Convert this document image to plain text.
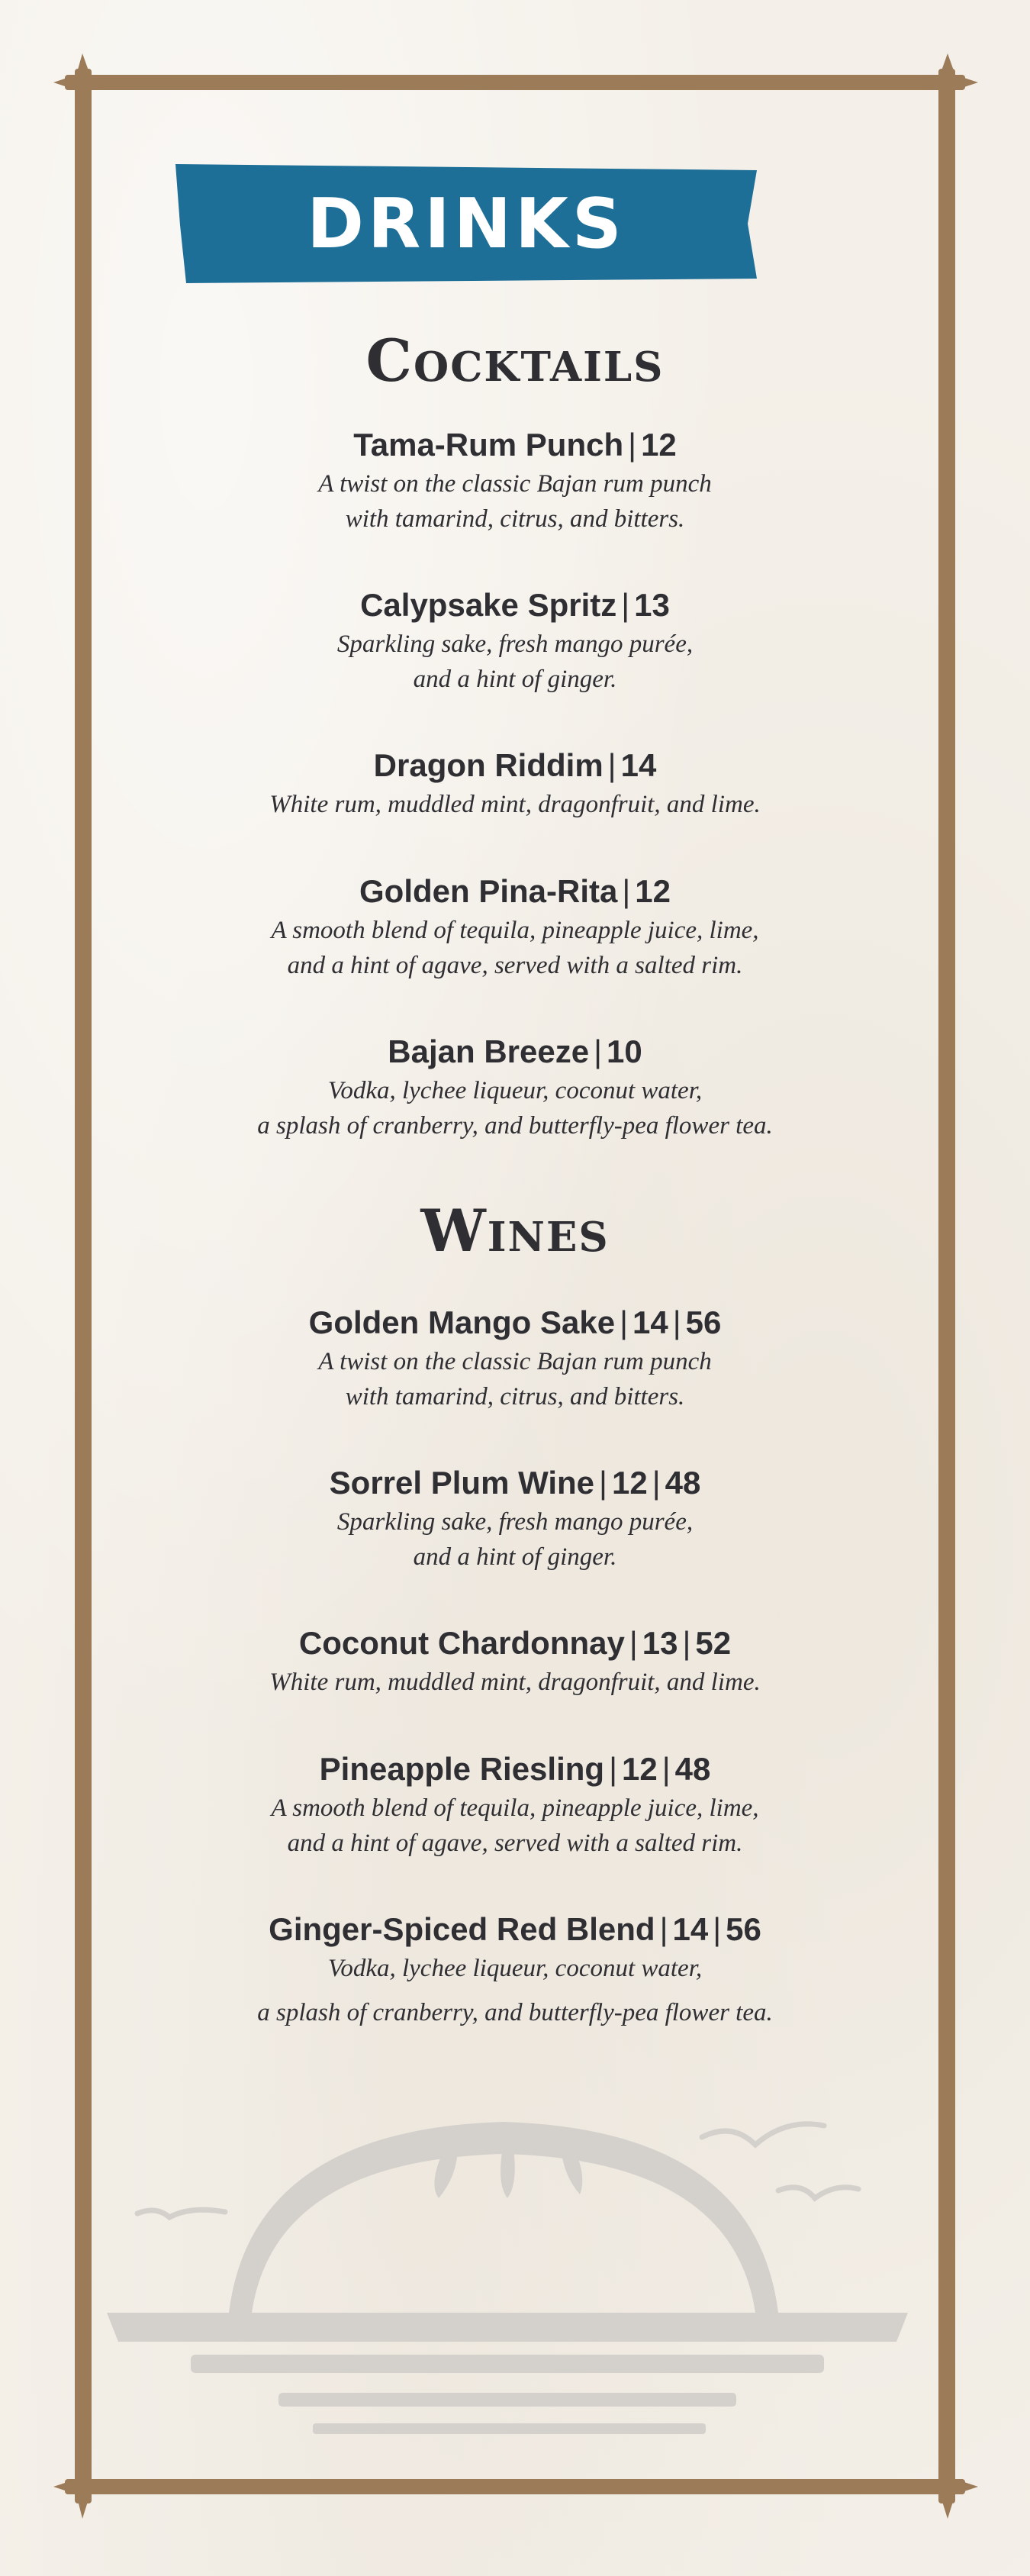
DRINKS
Cocktails
Tama-Rum Punch | 12
A twist on the classic Bajan rum punch
with tamarind, citrus, and bitters.
Calypsake Spritz | 13
Sparkling sake, fresh mango purée,
and a hint of ginger.
Dragon Riddim | 14
White rum, muddled mint, dragonfruit, and lime.
Golden Pina-Rita | 12
A smooth blend of tequila, pineapple juice, lime,
and a hint of agave, served with a salted rim.
Bajan Breeze | 10
Vodka, lychee liqueur, coconut water,
a splash of cranberry, and butterfly-pea flower tea.
Wines
Golden Mango Sake | 14 | 56
A twist on the classic Bajan rum punch
with tamarind, citrus, and bitters.
Sorrel Plum Wine | 12 | 48
Sparkling sake, fresh mango purée,
and a hint of ginger.
Coconut Chardonnay | 13 | 52
White rum, muddled mint, dragonfruit, and lime.
Pineapple Riesling | 12 | 48
A smooth blend of tequila, pineapple juice, lime,
and a hint of agave, served with a salted rim.
Ginger-Spiced Red Blend | 14 | 56
Vodka, lychee liqueur, coconut water,
a splash of cranberry, and butterfly-pea flower tea.
